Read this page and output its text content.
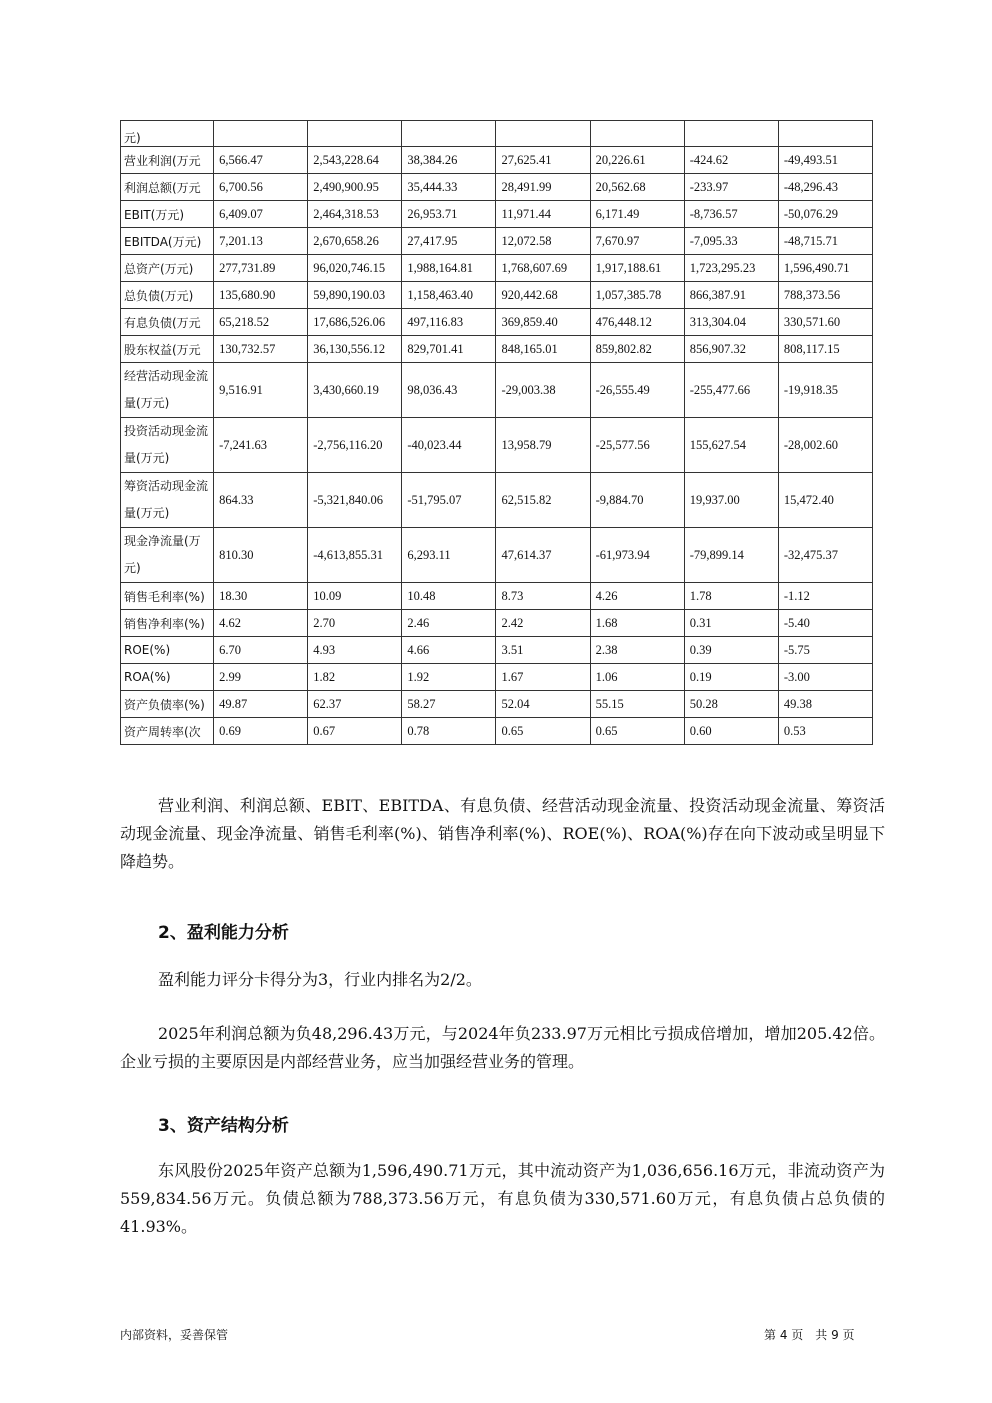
元)							
营业利润(万元	6,566.47	2,543,228.64	38,384.26	27,625.41	20,226.61	-424.62	-49,493.51
利润总额(万元	6,700.56	2,490,900.95	35,444.33	28,491.99	20,562.68	-233.97	-48,296.43
EBIT(万元)	6,409.07	2,464,318.53	26,953.71	11,971.44	6,171.49	-8,736.57	-50,076.29
EBITDA(万元)	7,201.13	2,670,658.26	27,417.95	12,072.58	7,670.97	-7,095.33	-48,715.71
总资产(万元)	277,731.89	96,020,746.15	1,988,164.81	1,768,607.69	1,917,188.61	1,723,295.23	1,596,490.71
总负债(万元)	135,680.90	59,890,190.03	1,158,463.40	920,442.68	1,057,385.78	866,387.91	788,373.56
有息负债(万元	65,218.52	17,686,526.06	497,116.83	369,859.40	476,448.12	313,304.04	330,571.60
股东权益(万元	130,732.57	36,130,556.12	829,701.41	848,165.01	859,802.82	856,907.32	808,117.15
经营活动现金流量(万元)	9,516.91	3,430,660.19	98,036.43	-29,003.38	-26,555.49	-255,477.66	-19,918.35
投资活动现金流量(万元)	-7,241.63	-2,756,116.20	-40,023.44	13,958.79	-25,577.56	155,627.54	-28,002.60
筹资活动现金流量(万元)	864.33	-5,321,840.06	-51,795.07	62,515.82	-9,884.70	19,937.00	15,472.40
现金净流量(万元)	810.30	-4,613,855.31	6,293.11	47,614.37	-61,973.94	-79,899.14	-32,475.37
销售毛利率(%)	18.30	10.09	10.48	8.73	4.26	1.78	-1.12
销售净利率(%)	4.62	2.70	2.46	2.42	1.68	0.31	-5.40
ROE(%)	6.70	4.93	4.66	3.51	2.38	0.39	-5.75
ROA(%)	2.99	1.82	1.92	1.67	1.06	0.19	-3.00
资产负债率(%)	49.87	62.37	58.27	52.04	55.15	50.28	49.38
资产周转率(次	0.69	0.67	0.78	0.65	0.65	0.60	0.53

营业利润、利润总额、EBIT、EBITDA、有息负债、经营活动现金流量、投资活动现金流量、筹资活动现金流量、现金净流量、销售毛利率(%)、销售净利率(%)、ROE(%)、ROA(%)存在向下波动或呈明显下降趋势。

2、盈利能力分析

盈利能力评分卡得分为3，行业内排名为2/2。

2025年利润总额为负48,296.43万元，与2024年负233.97万元相比亏损成倍增加，增加205.42倍。企业亏损的主要原因是内部经营业务，应当加强经营业务的管理。

3、资产结构分析

东风股份2025年资产总额为1,596,490.71万元，其中流动资产为1,036,656.16万元，非流动资产为559,834.56万元。负债总额为788,373.56万元，有息负债为330,571.60万元，有息负债占总负债的41.93%。

内部资料，妥善保管	第 4 页　共 9 页
